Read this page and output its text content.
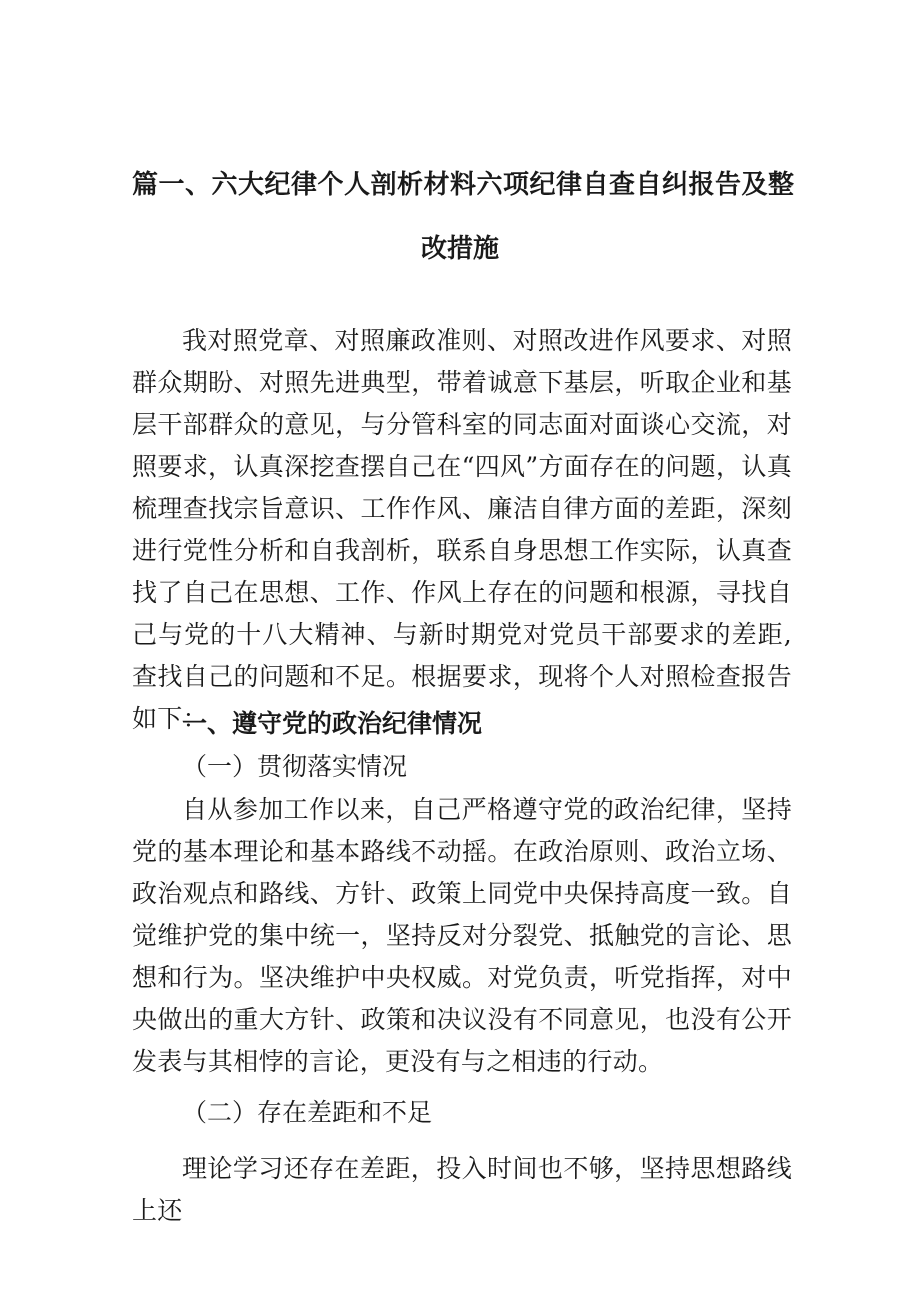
篇一、六大纪律个人剖析材料六项纪律自查自纠报告及整
改措施
我对照党章、对照廉政准则、对照改进作风要求、对照群众期盼、对照先进典型，带着诚意下基层，听取企业和基层干部群众的意见，与分管科室的同志面对面谈心交流，对照要求，认真深挖查摆自己在“四风”方面存在的问题，认真梳理查找宗旨意识、工作作风、廉洁自律方面的差距，深刻进行党性分析和自我剖析，联系自身思想工作实际，认真查找了自己在思想、工作、作风上存在的问题和根源，寻找自己与党的十八大精神、与新时期党对党员干部要求的差距,查找自己的问题和不足。根据要求，现将个人对照检查报告如下：
一、遵守党的政治纪律情况
（一）贯彻落实情况
自从参加工作以来，自己严格遵守党的政治纪律，坚持党的基本理论和基本路线不动摇。在政治原则、政治立场、政治观点和路线、方针、政策上同党中央保持高度一致。自觉维护党的集中统一，坚持反对分裂党、抵触党的言论、思想和行为。坚决维护中央权威。对党负责，听党指挥，对中央做出的重大方针、政策和决议没有不同意见，也没有公开发表与其相悖的言论，更没有与之相违的行动。
（二）存在差距和不足
理论学习还存在差距，投入时间也不够，坚持思想路线上还
